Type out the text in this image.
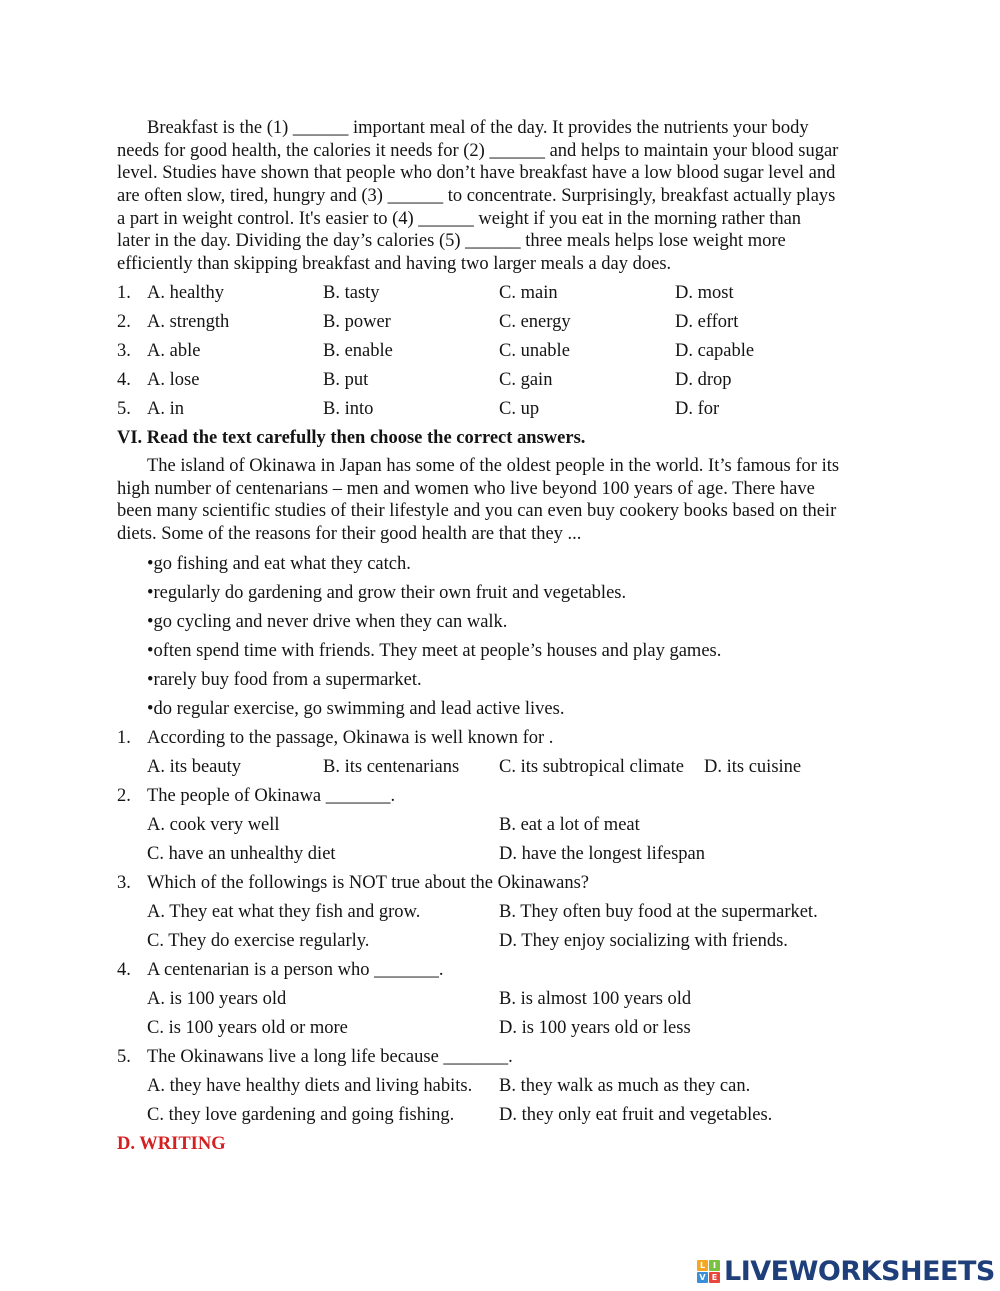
Breakfast is the (1) ______ important meal of the day. It provides the nutrients your body
needs for good health, the calories it needs for (2) ______ and helps to maintain your blood sugar
level. Studies have shown that people who don’t have breakfast have a low blood sugar level and
are often slow, tired, hungry and (3) ______ to concentrate. Surprisingly, breakfast actually plays
a part in weight control. It's easier to (4) ______ weight if you eat in the morning rather than
later in the day. Dividing the day’s calories (5) ______ three meals helps lose weight more
efficiently than skipping breakfast and having two larger meals a day does.
1. A. healthy	B. tasty	C. main	D. most
2. A. strength	B. power	C. energy	D. effort
3. A. able	B. enable	C. unable	D. capable
4. A. lose	B. put	C. gain	D. drop
5. A. in	B. into	C. up	D. for
VI. Read the text carefully then choose the correct answers.
The island of Okinawa in Japan has some of the oldest people in the world. It’s famous for its
high number of centenarians – men and women who live beyond 100 years of age. There have
been many scientific studies of their lifestyle and you can even buy cookery books based on their
diets. Some of the reasons for their good health are that they ...
•go fishing and eat what they catch.
•regularly do gardening and grow their own fruit and vegetables.
•go cycling and never drive when they can walk.
•often spend time with friends. They meet at people’s houses and play games.
•rarely buy food from a supermarket.
•do regular exercise, go swimming and lead active lives.
1. According to the passage, Okinawa is well known for .
A. its beauty	B. its centenarians C. its subtropical climate D. its cuisine
2. The people of Okinawa _______.
A. cook very well	B. eat a lot of meat
C. have an unhealthy diet	D. have the longest lifespan
3. Which of the followings is NOT true about the Okinawans?
A. They eat what they fish and grow.	B. They often buy food at the supermarket.
C. They do exercise regularly.	D. They enjoy socializing with friends.
4. A centenarian is a person who _______.
A. is 100 years old	B. is almost 100 years old
C. is 100 years old or more	D. is 100 years old or less
5. The Okinawans live a long life because _______.
A. they have healthy diets and living habits. B. they walk as much as they can.
C. they love gardening and going fishing. D. they only eat fruit and vegetables.
D. WRITING
L I
V E LIVEWORKSHEETS
